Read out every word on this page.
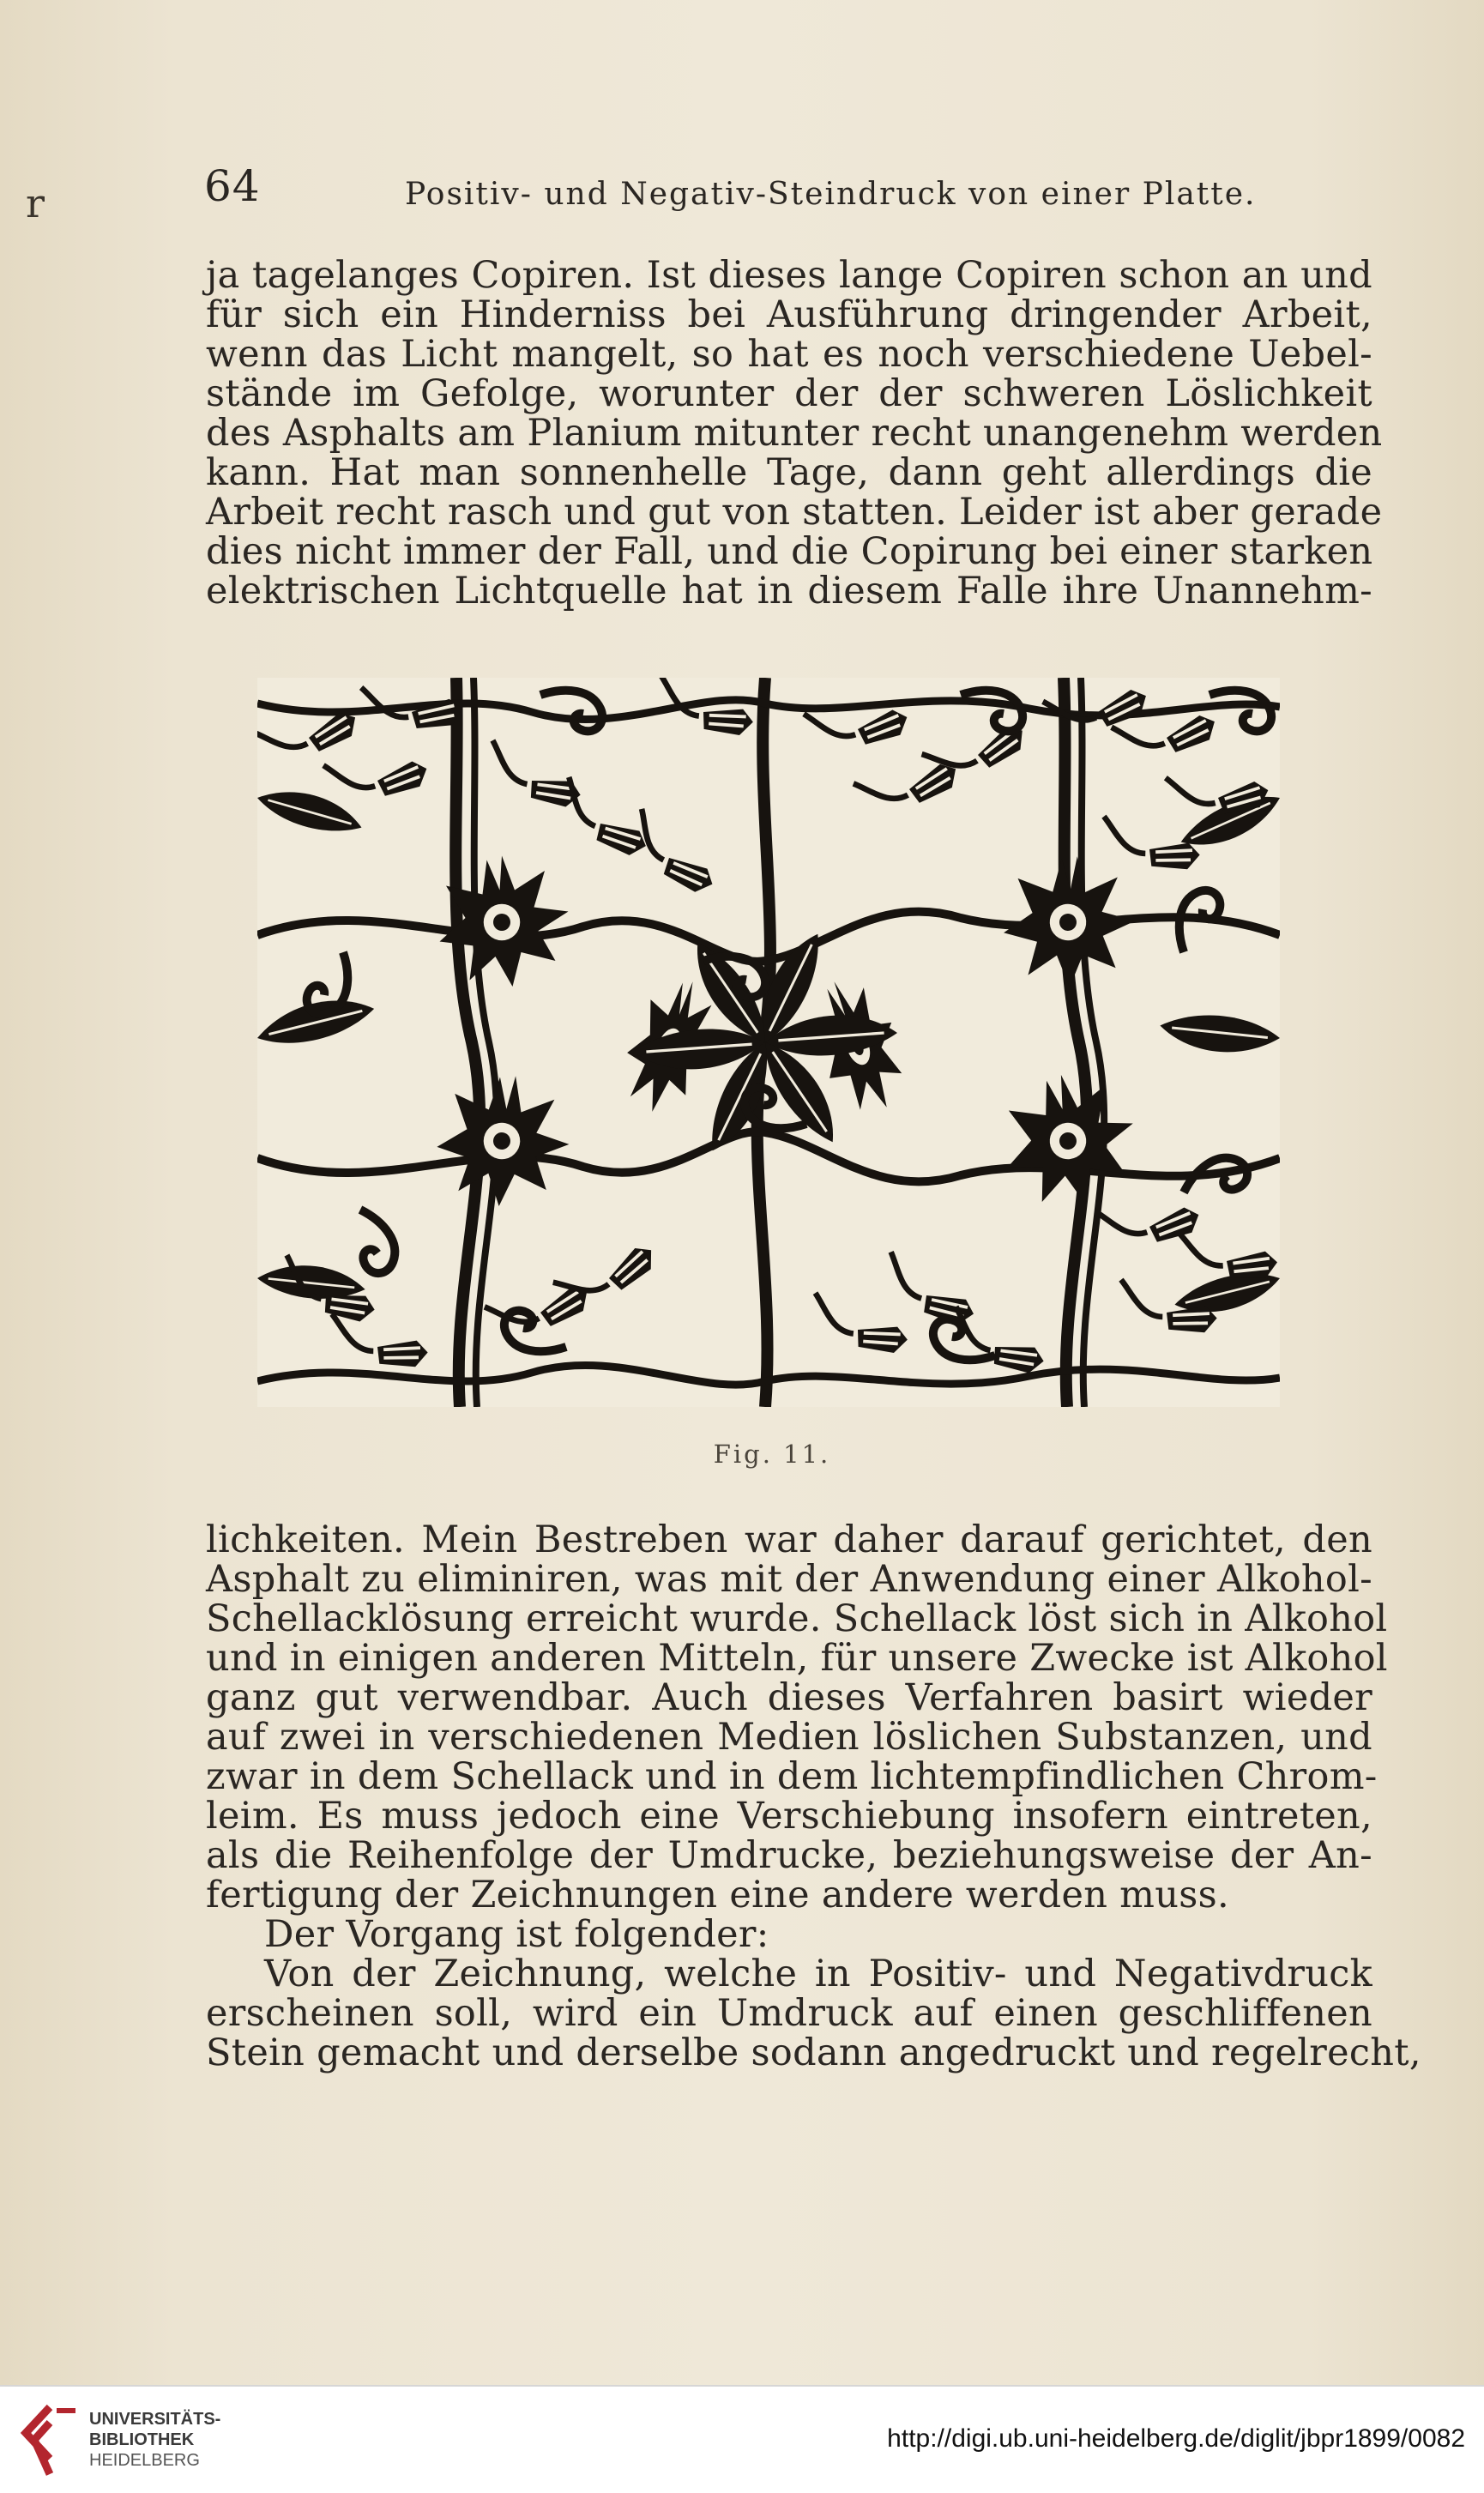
r	64	Positiv- und Negativ-Steindruck von einer Platte.
ja tagelanges Copiren. Ist dieses lange Copiren schon an und
für sich ein Hinderniss bei Ausführung dringender Arbeit,
wenn das Licht mangelt, so hat es noch verschiedene Uebel-
stände im Gefolge, worunter der der schweren Löslichkeit
des Asphalts am Planium mitunter recht unangenehm werden
kann. Hat man sonnenhelle Tage, dann geht allerdings die
Arbeit recht rasch und gut von statten. Leider ist aber gerade
dies nicht immer der Fall, und die Copirung bei einer starken
elektrischen Lichtquelle hat in diesem Falle ihre Unannehm-
Fig. 11.
lichkeiten. Mein Bestreben war daher darauf gerichtet, den
Asphalt zu eliminiren, was mit der Anwendung einer Alkohol-
Schellacklösung erreicht wurde. Schellack löst sich in Alkohol
und in einigen anderen Mitteln, für unsere Zwecke ist Alkohol
ganz gut verwendbar. Auch dieses Verfahren basirt wieder
auf zwei in verschiedenen Medien löslichen Substanzen, und
zwar in dem Schellack und in dem lichtempfindlichen Chrom-
leim. Es muss jedoch eine Verschiebung insofern eintreten,
als die Reihenfolge der Umdrucke, beziehungsweise der An-
fertigung der Zeichnungen eine andere werden muss.
Der Vorgang ist folgender:
Von der Zeichnung, welche in Positiv- und Negativdruck
erscheinen soll, wird ein Umdruck auf einen geschliffenen
Stein gemacht und derselbe sodann angedruckt und regelrecht,
UNIVERSITÄTS-
BIBLIOTHEK
HEIDELBERG
http://digi.ub.uni-heidelberg.de/diglit/jbpr1899/0082
